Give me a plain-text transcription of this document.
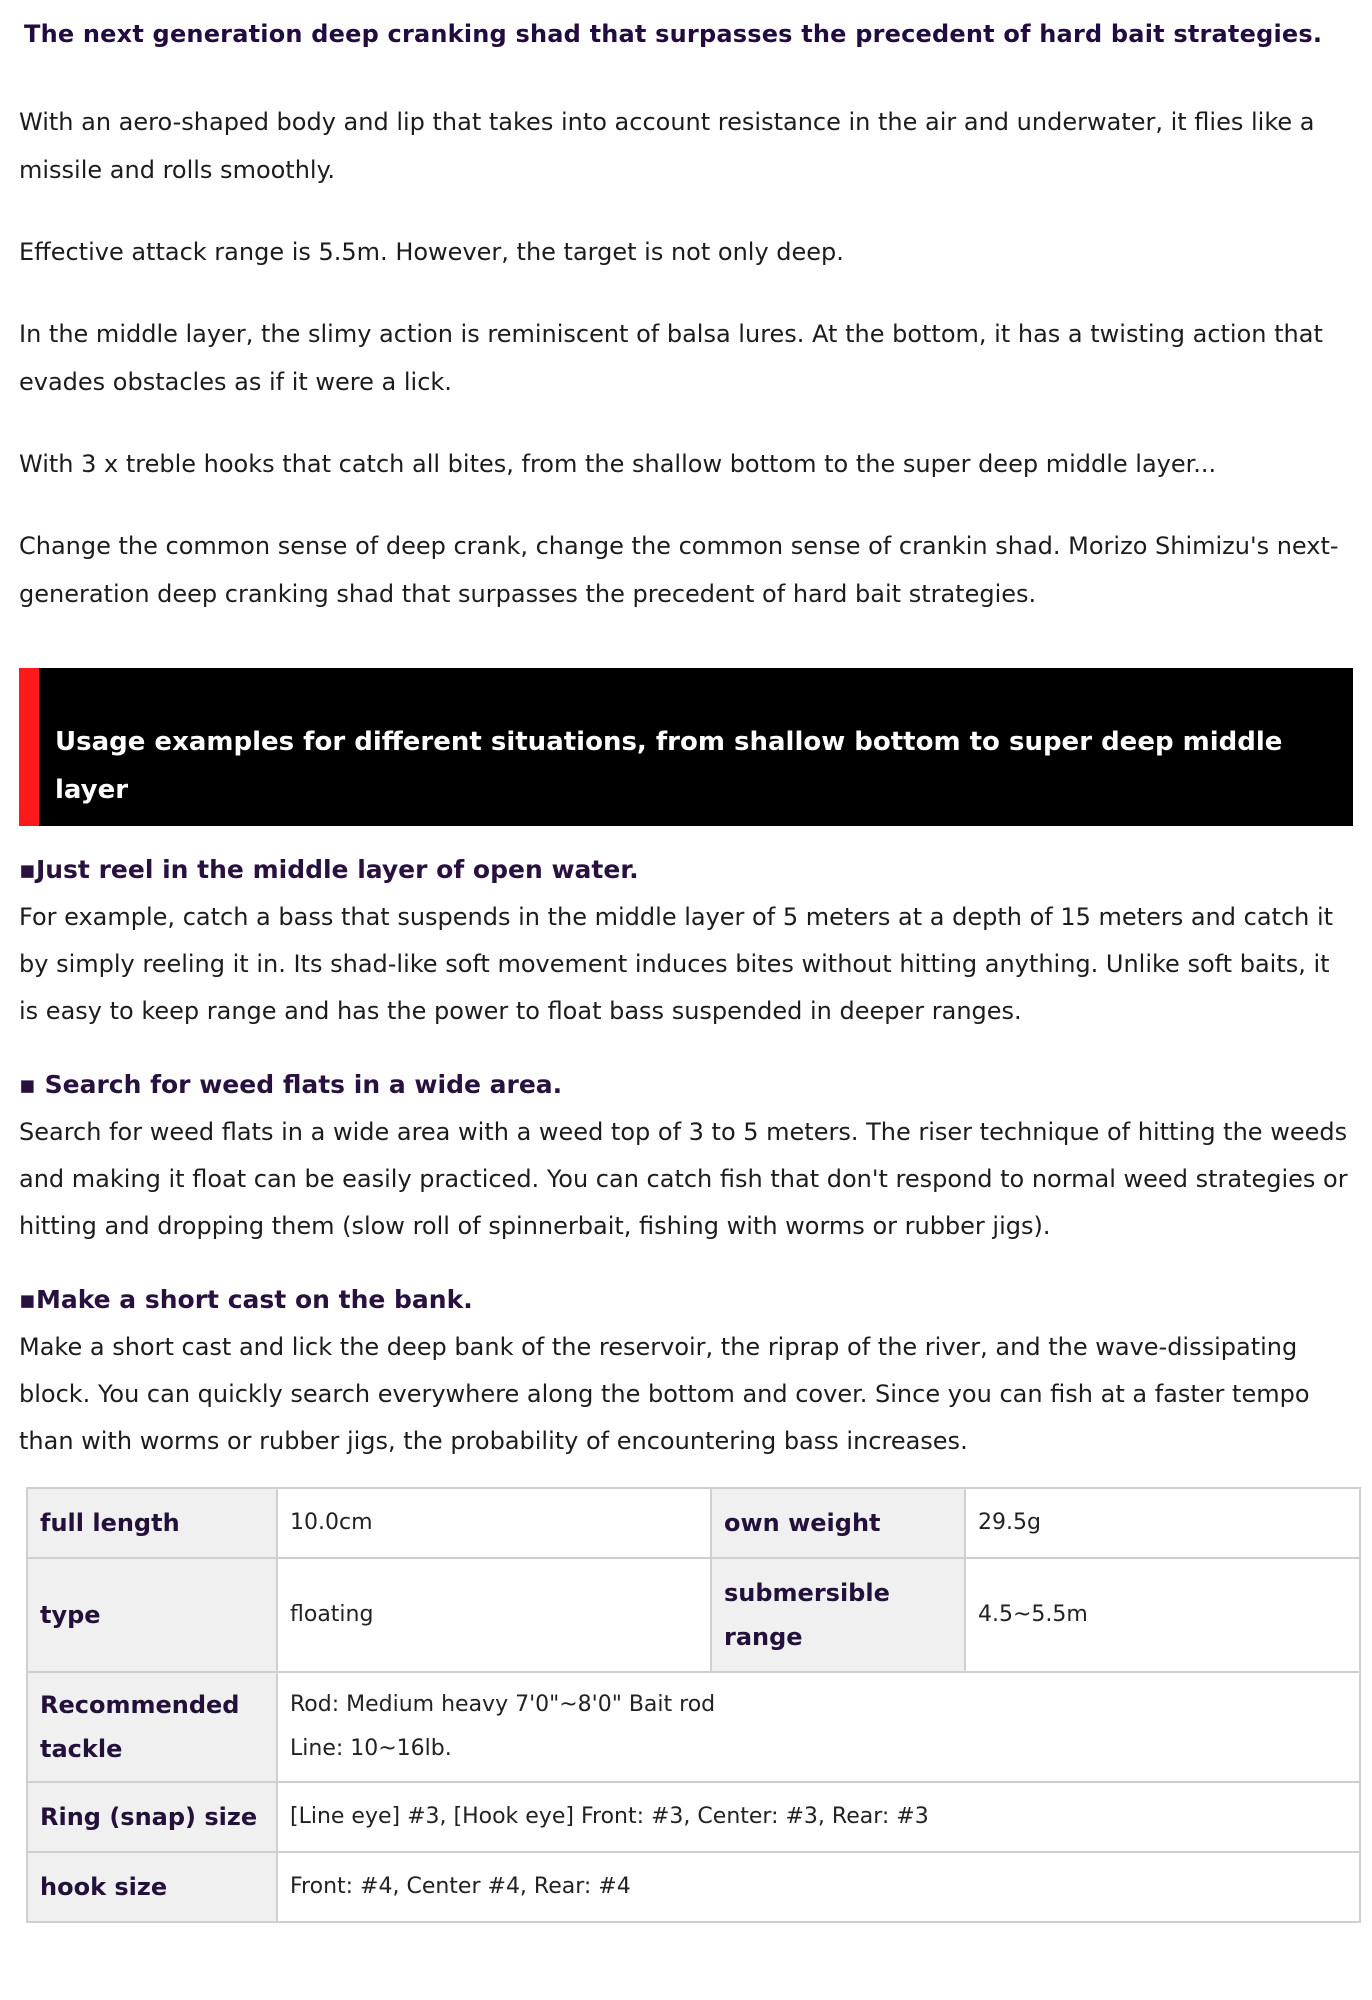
The next generation deep cranking shad that surpasses the precedent of hard bait strategies.

With an aero-shaped body and lip that takes into account resistance in the air and underwater, it flies like a missile and rolls smoothly.

Effective attack range is 5.5m. However, the target is not only deep.

In the middle layer, the slimy action is reminiscent of balsa lures. At the bottom, it has a twisting action that evades obstacles as if it were a lick.

With 3 x treble hooks that catch all bites, from the shallow bottom to the super deep middle layer...

Change the common sense of deep crank, change the common sense of crankin shad. Morizo Shimizu's next-generation deep cranking shad that surpasses the precedent of hard bait strategies.

Usage examples for different situations, from shallow bottom to super deep middle layer
▪Just reel in the middle layer of open water.
For example, catch a bass that suspends in the middle layer of 5 meters at a depth of 15 meters and catch it by simply reeling it in. Its shad-like soft movement induces bites without hitting anything. Unlike soft baits, it is easy to keep range and has the power to float bass suspended in deeper ranges.
▪ Search for weed flats in a wide area.
Search for weed flats in a wide area with a weed top of 3 to 5 meters. The riser technique of hitting the weeds and making it float can be easily practiced. You can catch fish that don't respond to normal weed strategies or hitting and dropping them (slow roll of spinnerbait, fishing with worms or rubber jigs).
▪Make a short cast on the bank.
Make a short cast and lick the deep bank of the reservoir, the riprap of the river, and the wave-dissipating block. You can quickly search everywhere along the bottom and cover. Since you can fish at a faster tempo than with worms or rubber jigs, the probability of encountering bass increases.
full length	10.0cm	own weight	29.5g
type	floating	submersible range	4.5~5.5m
Recommended tackle	Rod: Medium heavy 7'0"~8'0" Bait rod
Line: 10~16lb.		

Ring (snap) size	[Line eye] #3, [Hook eye] Front: #3, Center: #3, Rear: #3		
hook size	Front: #4, Center #4, Rear: #4		
